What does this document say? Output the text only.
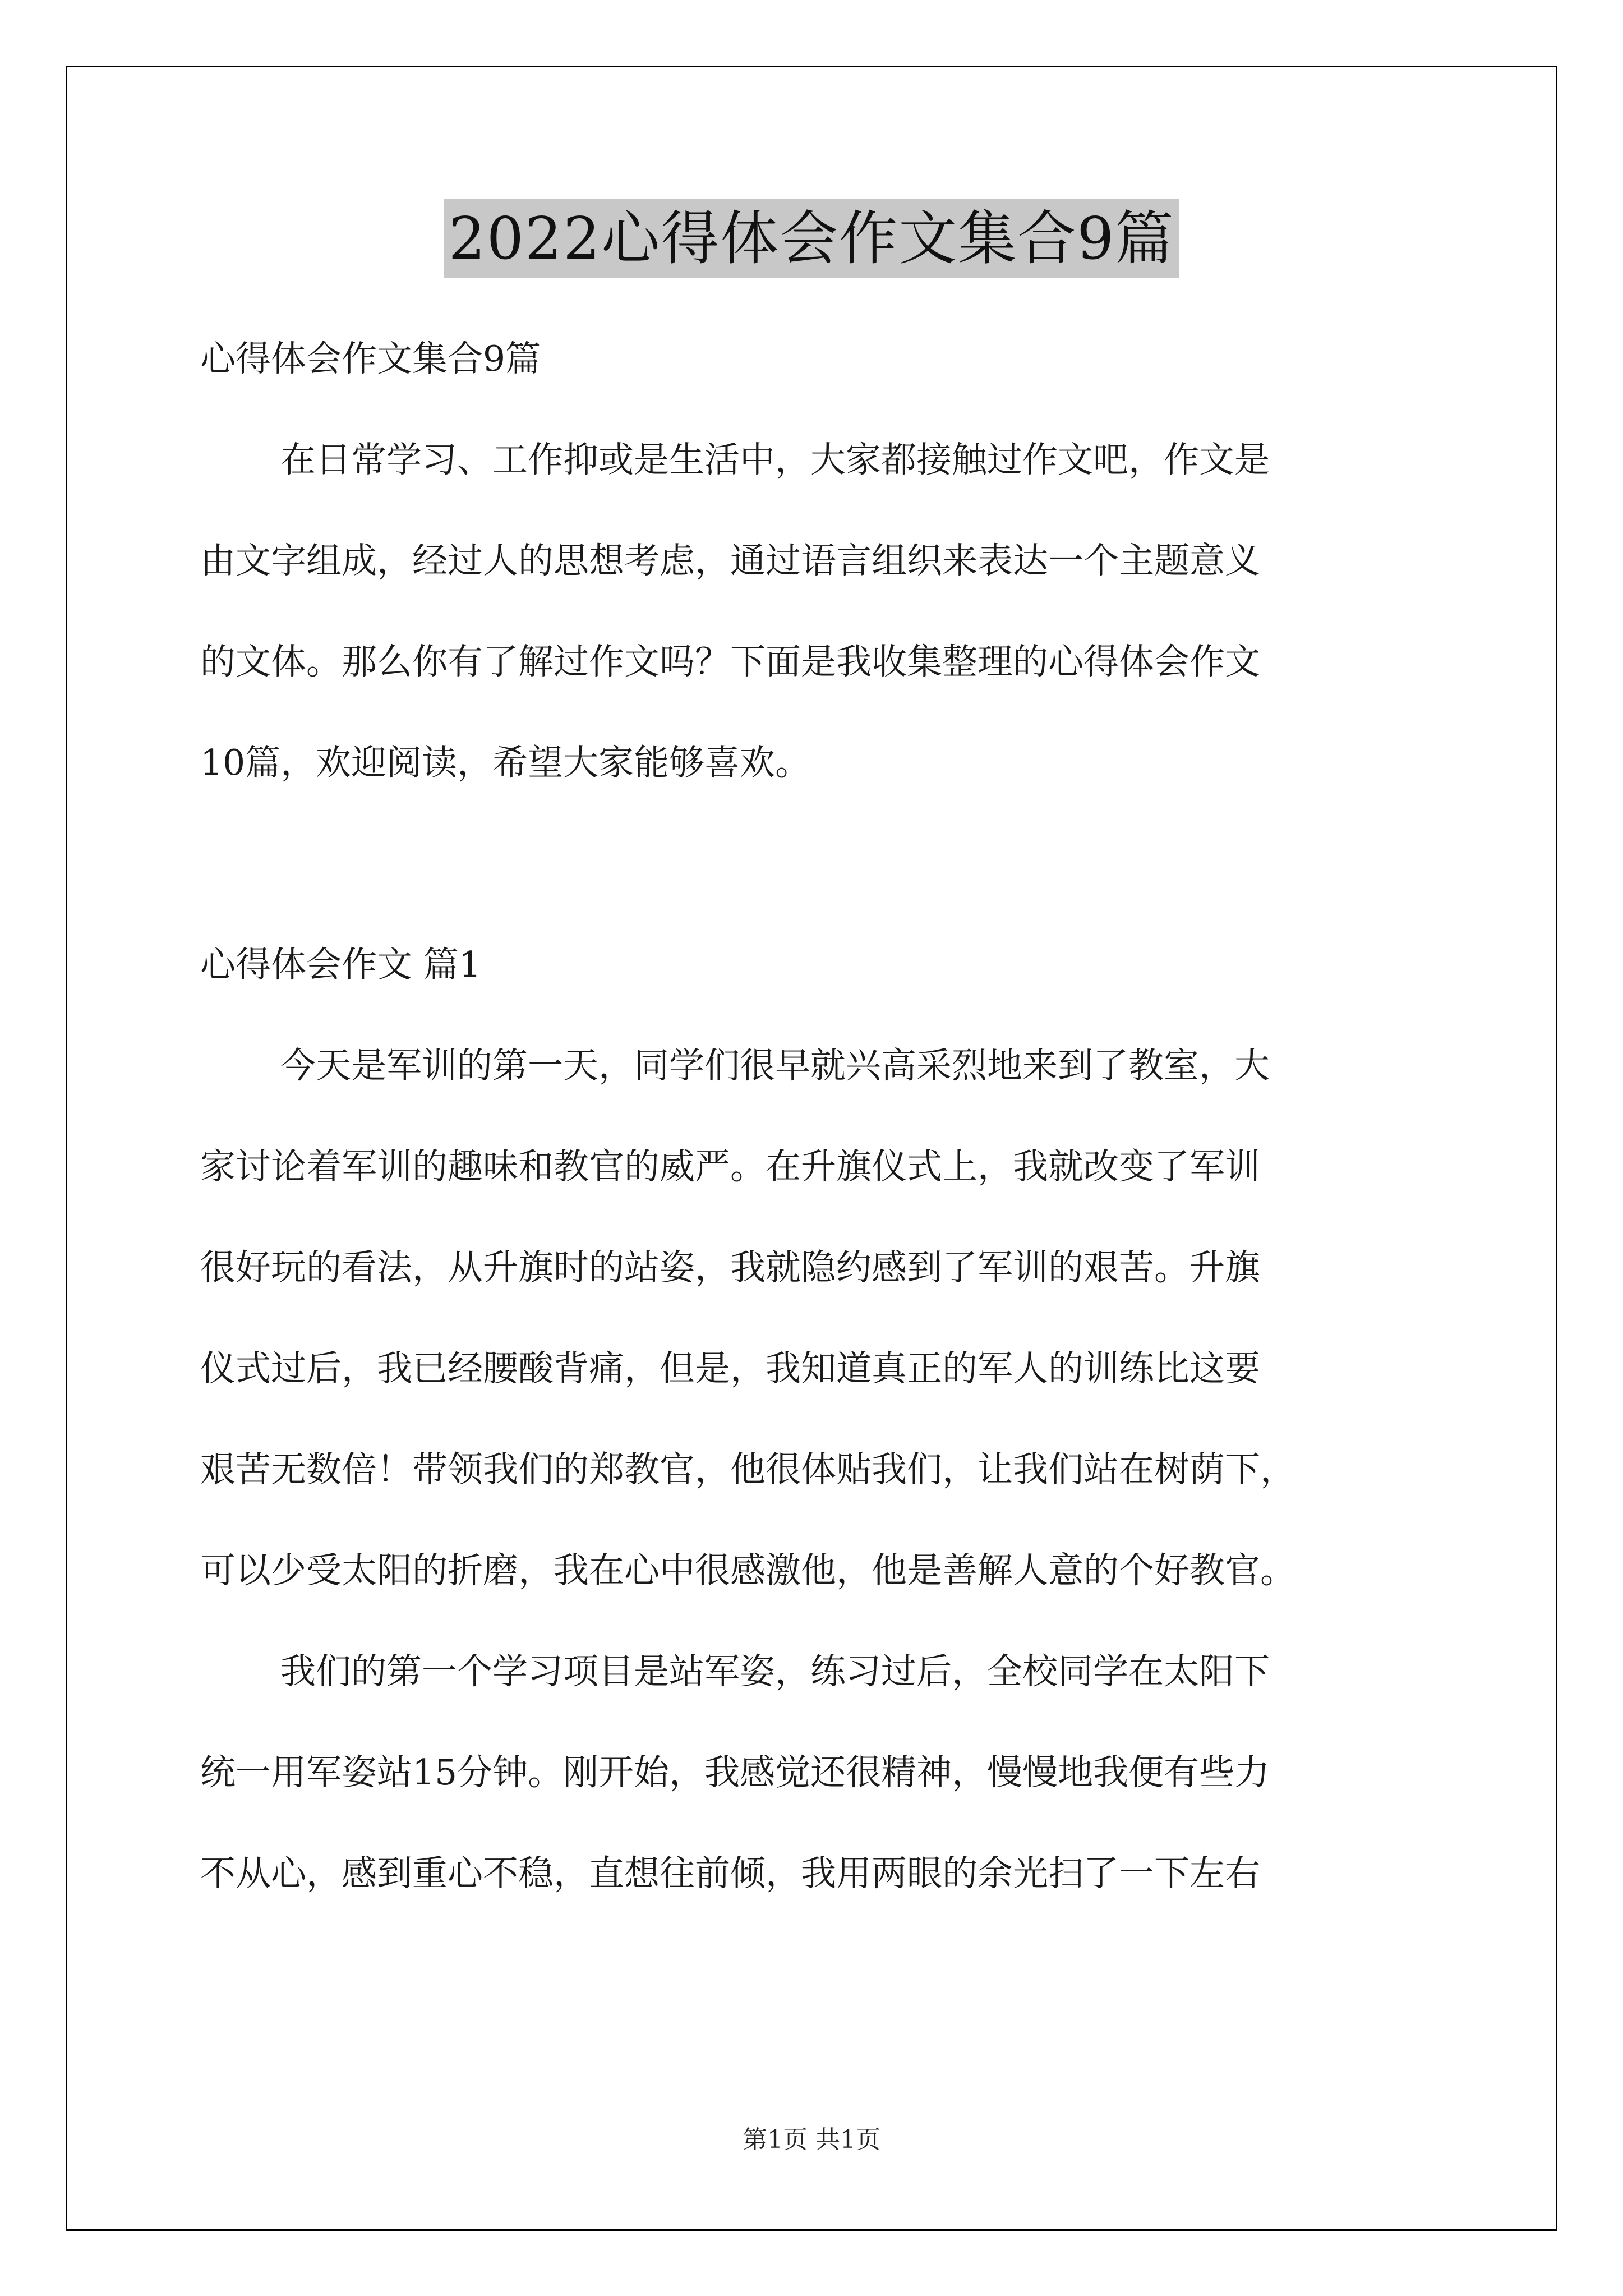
2022心得体会作文集合9篇

心得体会作文集合9篇

在日常学习、工作抑或是生活中，大家都接触过作文吧，作文是

由文字组成，经过人的思想考虑，通过语言组织来表达一个主题意义

的文体。那么你有了解过作文吗？下面是我收集整理的心得体会作文

10篇，欢迎阅读，希望大家能够喜欢。

心得体会作文 篇1

今天是军训的第一天，同学们很早就兴高采烈地来到了教室，大

家讨论着军训的趣味和教官的威严。在升旗仪式上，我就改变了军训

很好玩的看法，从升旗时的站姿，我就隐约感到了军训的艰苦。升旗

仪式过后，我已经腰酸背痛，但是，我知道真正的军人的训练比这要

艰苦无数倍！带领我们的郑教官，他很体贴我们，让我们站在树荫下，

可以少受太阳的折磨，我在心中很感激他，他是善解人意的个好教官。

我们的第一个学习项目是站军姿，练习过后，全校同学在太阳下

统一用军姿站15分钟。刚开始，我感觉还很精神，慢慢地我便有些力

不从心，感到重心不稳，直想往前倾，我用两眼的余光扫了一下左右

第1页 共1页
